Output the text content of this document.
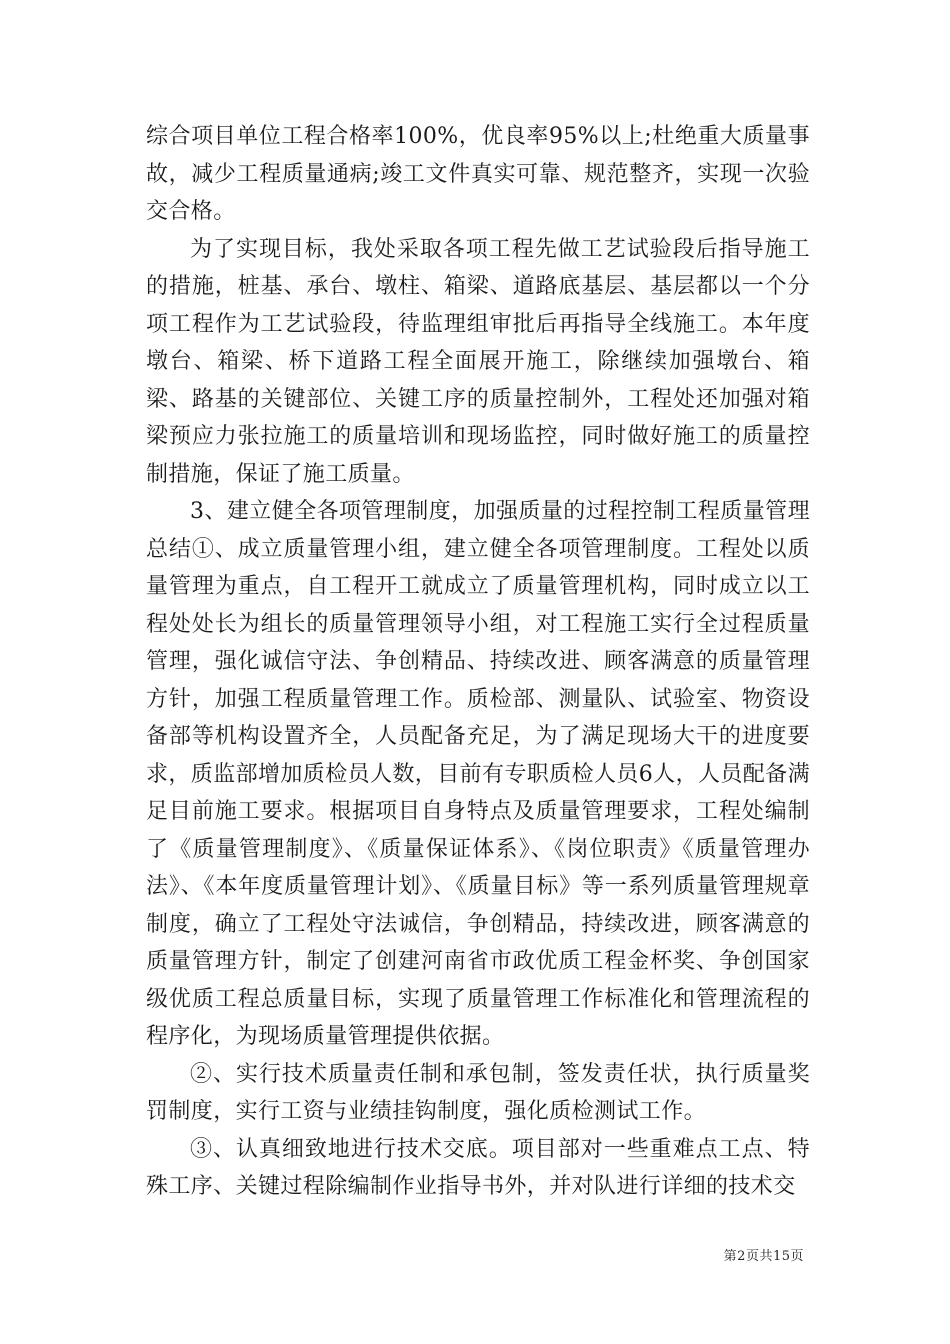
综合项目单位工程合格率100%，优良率95%以上;杜绝重大质量事故，减少工程质量通病;竣工文件真实可靠、规范整齐，实现一次验交合格。

为了实现目标，我处采取各项工程先做工艺试验段后指导施工的措施，桩基、承台、墩柱、箱梁、道路底基层、基层都以一个分项工程作为工艺试验段，待监理组审批后再指导全线施工。本年度墩台、箱梁、桥下道路工程全面展开施工，除继续加强墩台、箱梁、路基的关键部位、关键工序的质量控制外，工程处还加强对箱梁预应力张拉施工的质量培训和现场监控，同时做好施工的质量控制措施，保证了施工质量。

3、建立健全各项管理制度，加强质量的过程控制工程质量管理总结①、成立质量管理小组，建立健全各项管理制度。工程处以质量管理为重点，自工程开工就成立了质量管理机构，同时成立以工程处处长为组长的质量管理领导小组，对工程施工实行全过程质量管理，强化诚信守法、争创精品、持续改进、顾客满意的质量管理方针，加强工程质量管理工作。质检部、测量队、试验室、物资设备部等机构设置齐全，人员配备充足，为了满足现场大干的进度要求，质监部增加质检员人数，目前有专职质检人员6人，人员配备满足目前施工要求。根据项目自身特点及质量管理要求，工程处编制了《质量管理制度》、《质量保证体系》、《岗位职责》《质量管理办法》、《本年度质量管理计划》、《质量目标》等一系列质量管理规章制度，确立了工程处守法诚信，争创精品，持续改进，顾客满意的质量管理方针，制定了创建河南省市政优质工程金杯奖、争创国家级优质工程总质量目标，实现了质量管理工作标准化和管理流程的程序化，为现场质量管理提供依据。

②、实行技术质量责任制和承包制，签发责任状，执行质量奖罚制度，实行工资与业绩挂钩制度，强化质检测试工作。

③、认真细致地进行技术交底。项目部对一些重难点工点、特殊工序、关键过程除编制作业指导书外，并对队进行详细的技术交

第2页共15页
